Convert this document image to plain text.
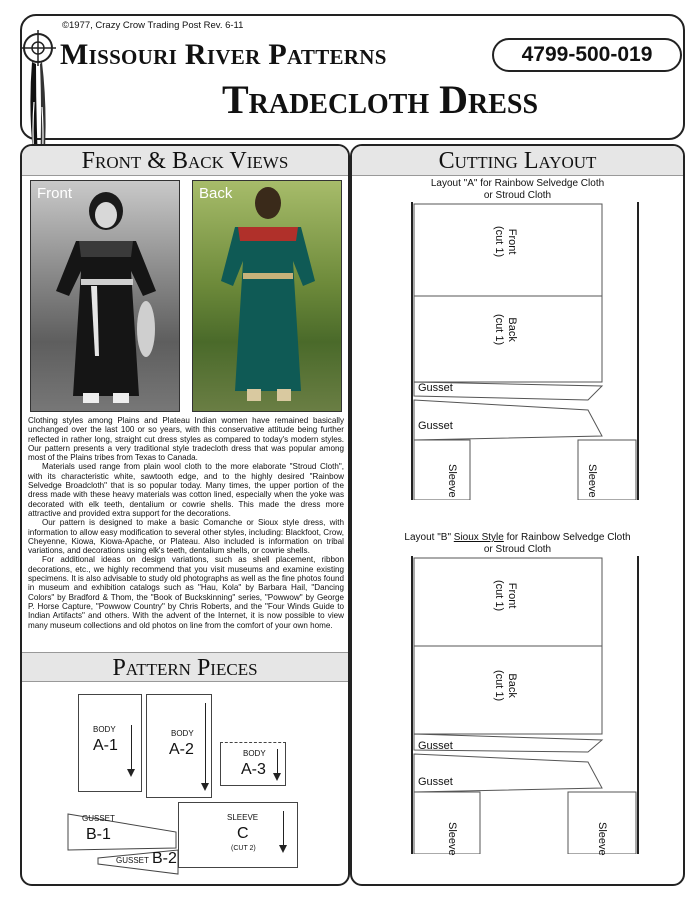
©1977, Crazy Crow Trading Post Rev. 6-11
Missouri River Patterns	4799-500-019
Tradecloth Dress
Front & Back Views
Front	Back

Clothing styles among Plains and Plateau Indian women have remained basically unchanged over the last 100 or so years, with this conservative attitude being further reflected in rather long, straight cut dress styles as compared to today's modern styles. Our pattern presents a very traditional style tradecloth dress that was popular among most of the Plains tribes from Texas to Canada.

Materials used range from plain wool cloth to the more elaborate "Stroud Cloth", with its characteristic white, sawtooth edge, and to the highly desired "Rainbow Selvedge Broadcloth" that is so popular today. Many times, the upper portion of the dress made with these heavy materials was cotton lined, especially when the yoke was decorated with elk teeth, dentalium or cowrie shells. This made the dress more attractive and provided extra support for the decorations.

Our pattern is designed to make a basic Comanche or Sioux style dress, with information to allow easy modification to several other styles, including: Blackfoot, Crow, Cheyenne, Kiowa, Kiowa-Apache, or Plateau. Also included is information on tribal variations, and decorations using elk's teeth, dentalium shells, or cowrie shells.

For additional ideas on design variations, such as shell placement, ribbon decorations, etc., we highly recommend that you visit museums and examine existing specimens. It is also advisable to study old photographs as well as the fine photos found in museum and exhibition catalogs such as "Hau, Kola" by Barbara Hail, "Dancing Colors" by Bradford & Thom, the "Book of Buckskinning" series, "Powwow" by George P. Horse Capture, "Powwow Country" by Chris Roberts, and the "Four Winds Guide to Indian Artifacts" and others. With the advent of the Internet, it is now possible to view many museum collections and old photos on line from the comfort of your own home.

Pattern Pieces
BODY
A-1
BODY
A-2	BODY
A-3
GUSSET
B-1
GUSSET B-2
SLEEVE
C
(CUT 2)
Cutting Layout
Layout "A" for Rainbow Selvedge Cloth
or Stroud Cloth
Front
(cut 1)
Back
(cut 1)
Gusset
Gusset
Sleeve	Sleeve
Layout "B" Sioux Style for Rainbow Selvedge Cloth
or Stroud Cloth
Front
(cut 1)
Back
(cut 1)
Gusset
Gusset
Sleeve	Sleeve
